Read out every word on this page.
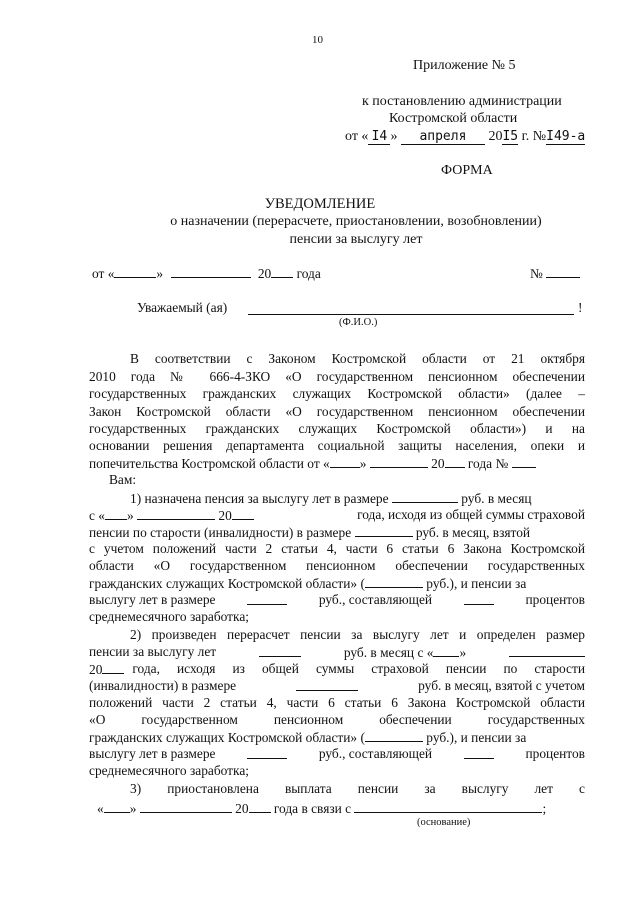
10
Приложение № 5
к постановлению администрации
Костромской области
от « I4 » апреля 20I5 г. №I49-а
ФОРМА
УВЕДОМЛЕНИЕ
о назначении (перерасчете, приостановлении, возобновлении)
пенсии за выслугу лет
от «	»	20 года	№
Уважаемый (ая)	!
(Ф.И.О.)
В соответствии с Законом Костромской области от 21 октября
2010 года № 666-4-ЗКО «О государственном пенсионном обеспечении
государственных гражданских служащих Костромской области» (далее –
Закон Костромской области «О государственном пенсионном обеспечении
государственных гражданских служащих Костромской области») и на
основании решения департамента социальной защиты населения, опеки и
попечительства Костромской области от « »	20 года №
Вам:
1) назначена пенсия за выслугу лет в размере	руб. в месяц
с « »	20	года, исходя из общей суммы страховой
пенсии по старости (инвалидности) в размере	руб. в месяц, взятой
с учетом положений части 2 статьи 4, части 6 статьи 6 Закона Костромской
области «О государственном пенсионном обеспечении государственных
гражданских служащих Костромской области» (	руб.), и пенсии за
выслугу лет в размере	руб., составляющей	процентов
среднемесячного заработка;
2) произведен перерасчет пенсии за выслугу лет и определен размер
пенсии за выслугу лет	руб. в месяц с « »
20	года, исходя из общей суммы страховой пенсии по старости
(инвалидности) в размере	руб. в месяц, взятой с учетом
положений части 2 статьи 4, части 6 статьи 6 Закона Костромской области
«О государственном пенсионном обеспечении государственных
гражданских служащих Костромской области» (	руб.), и пенсии за
выслугу лет в размере	руб., составляющей	процентов
среднемесячного заработка;
3) приостановлена выплата пенсии за выслугу лет с
« »	20 года в связи с	;
(основание)
